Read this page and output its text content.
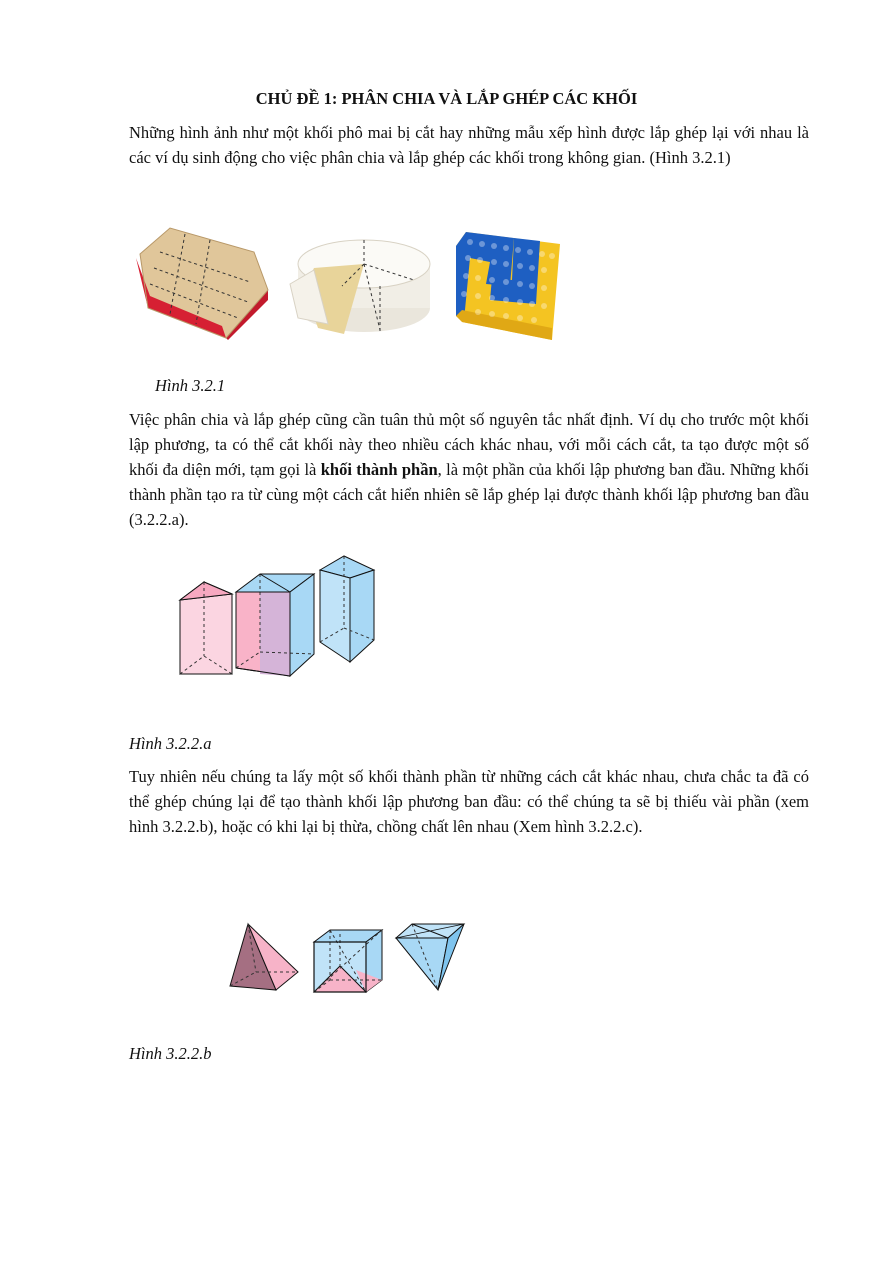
CHỦ ĐỀ 1: PHÂN CHIA VÀ LẮP GHÉP CÁC KHỐI

Những hình ảnh như một khối phô mai bị cắt hay những mẫu xếp hình được lắp ghép lại với nhau là các ví dụ sinh động cho việc phân chia và lắp ghép các khối trong không gian. (Hình 3.2.1)

Hình 3.2.1

Việc phân chia và lắp ghép cũng cần tuân thủ một số nguyên tắc nhất định. Ví dụ cho trước một khối lập phương, ta có thể cắt khối này theo nhiều cách khác nhau, với mỗi cách cắt, ta tạo được một số khối đa diện mới, tạm gọi là khối thành phần, là một phần của khối lập phương ban đầu. Những khối thành phần tạo ra từ cùng một cách cắt hiển nhiên sẽ lắp ghép lại được thành khối lập phương ban đầu (3.2.2.a).

Hình 3.2.2.a

Tuy nhiên nếu chúng ta lấy một số khối thành phần từ những cách cắt khác nhau, chưa chắc ta đã có thể ghép chúng lại để tạo thành khối lập phương ban đầu: có thể chúng ta sẽ bị thiếu vài phần (xem hình 3.2.2.b), hoặc có khi lại bị thừa, chồng chất lên nhau (Xem hình 3.2.2.c).

Hình 3.2.2.b
